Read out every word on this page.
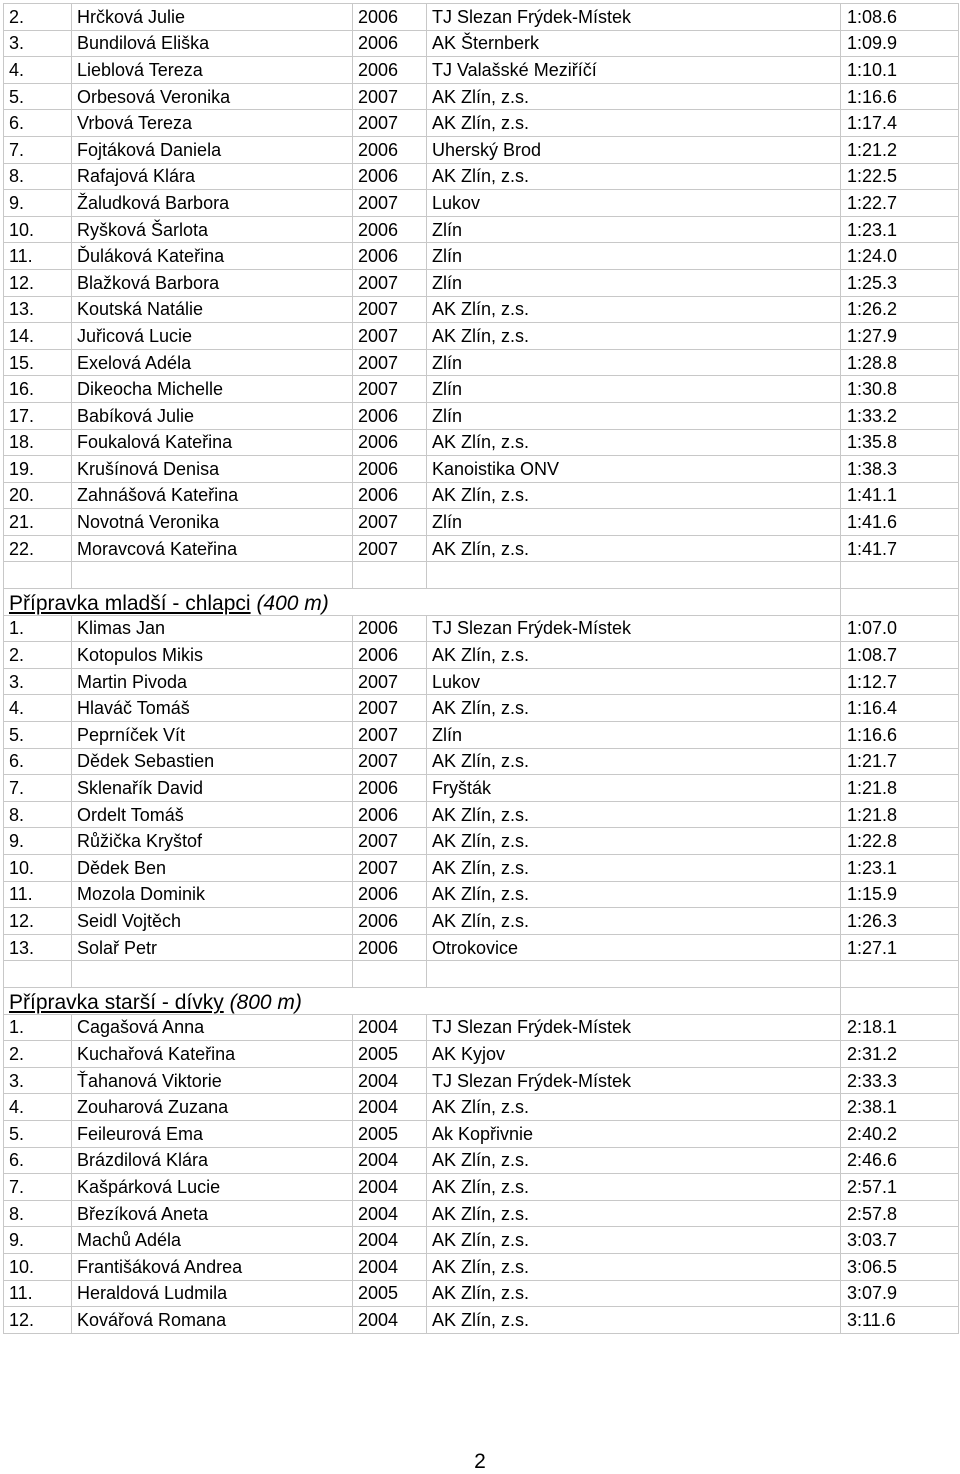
2.	Hrčková Julie	2006	TJ Slezan Frýdek-Místek	1:08.6
3.	Bundilová Eliška	2006	AK Šternberk	1:09.9
4.	Lieblová Tereza	2006	TJ Valašské Meziříčí	1:10.1
5.	Orbesová Veronika	2007	AK Zlín, z.s.	1:16.6
6.	Vrbová Tereza	2007	AK Zlín, z.s.	1:17.4
7.	Fojtáková Daniela	2006	Uherský Brod	1:21.2
8.	Rafajová Klára	2006	AK Zlín, z.s.	1:22.5
9.	Žaludková Barbora	2007	Lukov	1:22.7
10.	Ryšková Šarlota	2006	Zlín	1:23.1
11.	Ďuláková Kateřina	2006	Zlín	1:24.0
12.	Blažková Barbora	2007	Zlín	1:25.3
13.	Koutská Natálie	2007	AK Zlín, z.s.	1:26.2
14.	Juřicová Lucie	2007	AK Zlín, z.s.	1:27.9
15.	Exelová Adéla	2007	Zlín	1:28.8
16.	Dikeocha Michelle	2007	Zlín	1:30.8
17.	Babíková Julie	2006	Zlín	1:33.2
18.	Foukalová Kateřina	2006	AK Zlín, z.s.	1:35.8
19.	Krušínová Denisa	2006	Kanoistika ONV	1:38.3
20.	Zahnášová Kateřina	2006	AK Zlín, z.s.	1:41.1
21.	Novotná Veronika	2007	Zlín	1:41.6
22.	Moravcová Kateřina	2007	AK Zlín, z.s.	1:41.7

Přípravka mladší - chlapci (400 m)				
1.	Klimas Jan	2006	TJ Slezan Frýdek-Místek	1:07.0
2.	Kotopulos Mikis	2006	AK Zlín, z.s.	1:08.7
3.	Martin Pivoda	2007	Lukov	1:12.7
4.	Hlaváč Tomáš	2007	AK Zlín, z.s.	1:16.4
5.	Peprníček Vít	2007	Zlín	1:16.6
6.	Dědek Sebastien	2007	AK Zlín, z.s.	1:21.7
7.	Sklenařík David	2006	Fryšták	1:21.8
8.	Ordelt Tomáš	2006	AK Zlín, z.s.	1:21.8
9.	Růžička Kryštof	2007	AK Zlín, z.s.	1:22.8
10.	Dědek Ben	2007	AK Zlín, z.s.	1:23.1
11.	Mozola Dominik	2006	AK Zlín, z.s.	1:15.9
12.	Seidl Vojtěch	2006	AK Zlín, z.s.	1:26.3
13.	Solař Petr	2006	Otrokovice	1:27.1

Přípravka starší - dívky (800 m)				
1.	Cagašová Anna	2004	TJ Slezan Frýdek-Místek	2:18.1
2.	Kuchařová Kateřina	2005	AK Kyjov	2:31.2
3.	Ťahanová Viktorie	2004	TJ Slezan Frýdek-Místek	2:33.3
4.	Zouharová Zuzana	2004	AK Zlín, z.s.	2:38.1
5.	Feileurová Ema	2005	Ak Kopřivnie	2:40.2
6.	Brázdilová Klára	2004	AK Zlín, z.s.	2:46.6
7.	Kašpárková Lucie	2004	AK Zlín, z.s.	2:57.1
8.	Březíková Aneta	2004	AK Zlín, z.s.	2:57.8
9.	Machů Adéla	2004	AK Zlín, z.s.	3:03.7
10.	Františáková Andrea	2004	AK Zlín, z.s.	3:06.5
11.	Heraldová Ludmila	2005	AK Zlín, z.s.	3:07.9
12.	Kovářová Romana	2004	AK Zlín, z.s.	3:11.6
2
